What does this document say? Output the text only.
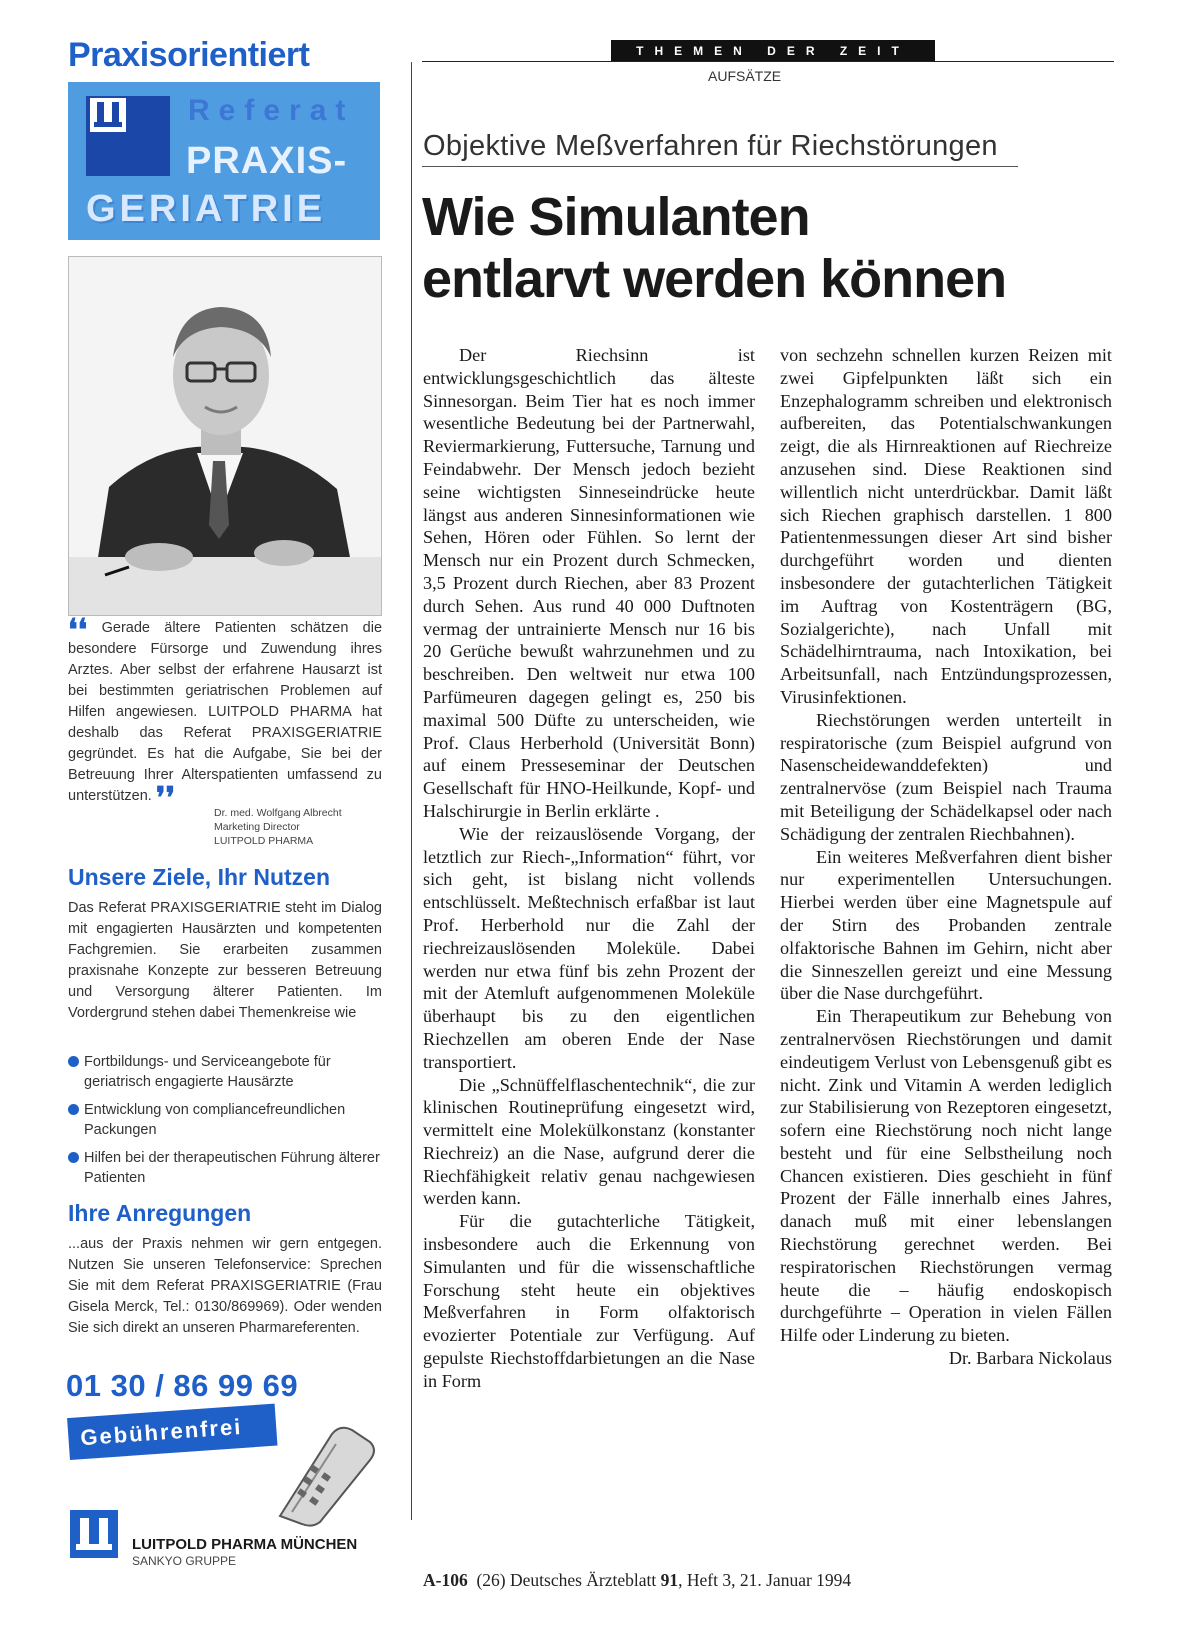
Praxisorientiert
Referat
PRAXIS-
GERIATRIE
❛❛ Gerade ältere Patienten schätzen die besondere Fürsorge und Zuwendung ihres Arztes. Aber selbst der erfahrene Hausarzt ist bei bestimmten geriatrischen Problemen auf Hilfen angewiesen. LUITPOLD PHARMA hat deshalb das Referat PRAXISGERIATRIE gegründet. Es hat die Aufgabe, Sie bei der Betreuung Ihrer Alterspatienten umfassend zu unterstützen. ❜❜	Dr. med. Wolfgang Albrecht
Marketing Director
LUITPOLD PHARMA
Unsere Ziele, Ihr Nutzen
Das Referat PRAXISGERIATRIE steht im Dialog mit engagierten Hausärzten und kompetenten Fachgremien. Sie erarbeiten zusammen praxisnahe Konzepte zur besseren Betreuung und Versorgung älterer Patienten. Im Vordergrund stehen dabei Themenkreise wie
Fortbildungs- und Serviceangebote für geriatrisch engagierte Hausärzte
Entwicklung von compliancefreundlichen Packungen
Hilfen bei der therapeutischen Führung älterer Patienten
Ihre Anregungen
...aus der Praxis nehmen wir gern entgegen. Nutzen Sie unseren Telefonservice: Sprechen Sie mit dem Referat PRAXISGERIATRIE (Frau Gisela Merck, Tel.: 0130/869969). Oder wenden Sie sich direkt an unseren Pharmareferenten.
01 30 / 86 99 69
Gebührenfrei
LUITPOLD PHARMA MÜNCHEN
SANKYO GRUPPE
THEMEN DER ZEIT
AUFSÄTZE
Objektive Meßverfahren für Riechstörungen
Wie Simulanten
entlarvt werden können

Der Riechsinn ist entwicklungsgeschichtlich das älteste Sinnesorgan. Beim Tier hat es noch immer wesentliche Bedeutung bei der Partnerwahl, Reviermarkierung, Futtersuche, Tarnung und Feindabwehr. Der Mensch jedoch bezieht seine wichtigsten Sinneseindrücke heute längst aus anderen Sinnesinformationen wie Sehen, Hören oder Fühlen. So lernt der Mensch nur ein Prozent durch Schmecken, 3,5 Prozent durch Riechen, aber 83 Prozent durch Sehen. Aus rund 40 000 Duftnoten vermag der untrainierte Mensch nur 16 bis 20 Gerüche bewußt wahrzunehmen und zu beschreiben. Den weltweit nur etwa 100 Parfümeuren dagegen gelingt es, 250 bis maximal 500 Düfte zu unterscheiden, wie Prof. Claus Herberhold (Universität Bonn) auf einem Presseseminar der Deutschen Gesellschaft für HNO-Heilkunde, Kopf- und Halschirurgie in Berlin erklärte .

Wie der reizauslösende Vorgang, der letztlich zur Riech-„Information“ führt, vor sich geht, ist bislang nicht vollends entschlüsselt. Meßtechnisch erfaßbar ist laut Prof. Herberhold nur die Zahl der riechreizauslösenden Moleküle. Dabei werden nur etwa fünf bis zehn Prozent der mit der Atemluft aufgenommenen Moleküle überhaupt bis zu den eigentlichen Riechzellen am oberen Ende der Nase transportiert.

Die „Schnüffelflaschentechnik“, die zur klinischen Routineprüfung eingesetzt wird, vermittelt eine Molekülkonstanz (konstanter Riechreiz) an die Nase, aufgrund derer die Riechfähigkeit relativ genau nachgewiesen werden kann.

Für die gutachterliche Tätigkeit, insbesondere auch die Erkennung von Simulanten und für die wissenschaftliche Forschung steht heute ein objektives Meßverfahren in Form olfaktorisch evozierter Potentiale zur Verfügung. Auf gepulste Riechstoffdarbietungen an die Nase in Form

von sechzehn schnellen kurzen Reizen mit zwei Gipfelpunkten läßt sich ein Enzephalogramm schreiben und elektronisch aufbereiten, das Potentialschwankungen zeigt, die als Hirnreaktionen auf Riechreize anzusehen sind. Diese Reaktionen sind willentlich nicht unterdrückbar. Damit läßt sich Riechen graphisch darstellen. 1 800 Patientenmessungen dieser Art sind bisher durchgeführt worden und dienten insbesondere der gutachterlichen Tätigkeit im Auftrag von Kostenträgern (BG, Sozialgerichte), nach Unfall mit Schädelhirntrauma, nach Intoxikation, bei Arbeitsunfall, nach Entzündungsprozessen, Virusinfektionen.

Riechstörungen werden unterteilt in respiratorische (zum Beispiel aufgrund von Nasenscheidewanddefekten) und zentralnervöse (zum Beispiel nach Trauma mit Beteiligung der Schädelkapsel oder nach Schädigung der zentralen Riechbahnen).

Ein weiteres Meßverfahren dient bisher nur experimentellen Untersuchungen. Hierbei werden über eine Magnetspule auf der Stirn des Probanden zentrale olfaktorische Bahnen im Gehirn, nicht aber die Sinneszellen gereizt und eine Messung über die Nase durchgeführt.

Ein Therapeutikum zur Behebung von zentralnervösen Riechstörungen und damit eindeutigem Verlust von Lebensgenuß gibt es nicht. Zink und Vitamin A werden lediglich zur Stabilisierung von Rezeptoren eingesetzt, sofern eine Riechstörung noch nicht lange besteht und für eine Selbstheilung noch Chancen existieren. Dies geschieht in fünf Prozent der Fälle innerhalb eines Jahres, danach muß mit einer lebenslangen Riechstörung gerechnet werden. Bei respiratorischen Riechstörungen vermag heute die – häufig endoskopisch durchgeführte – Operation in vielen Fällen Hilfe oder Linderung zu bieten.
Dr. Barbara Nickolaus

A-106 (26) Deutsches Ärzteblatt 91, Heft 3, 21. Januar 1994
